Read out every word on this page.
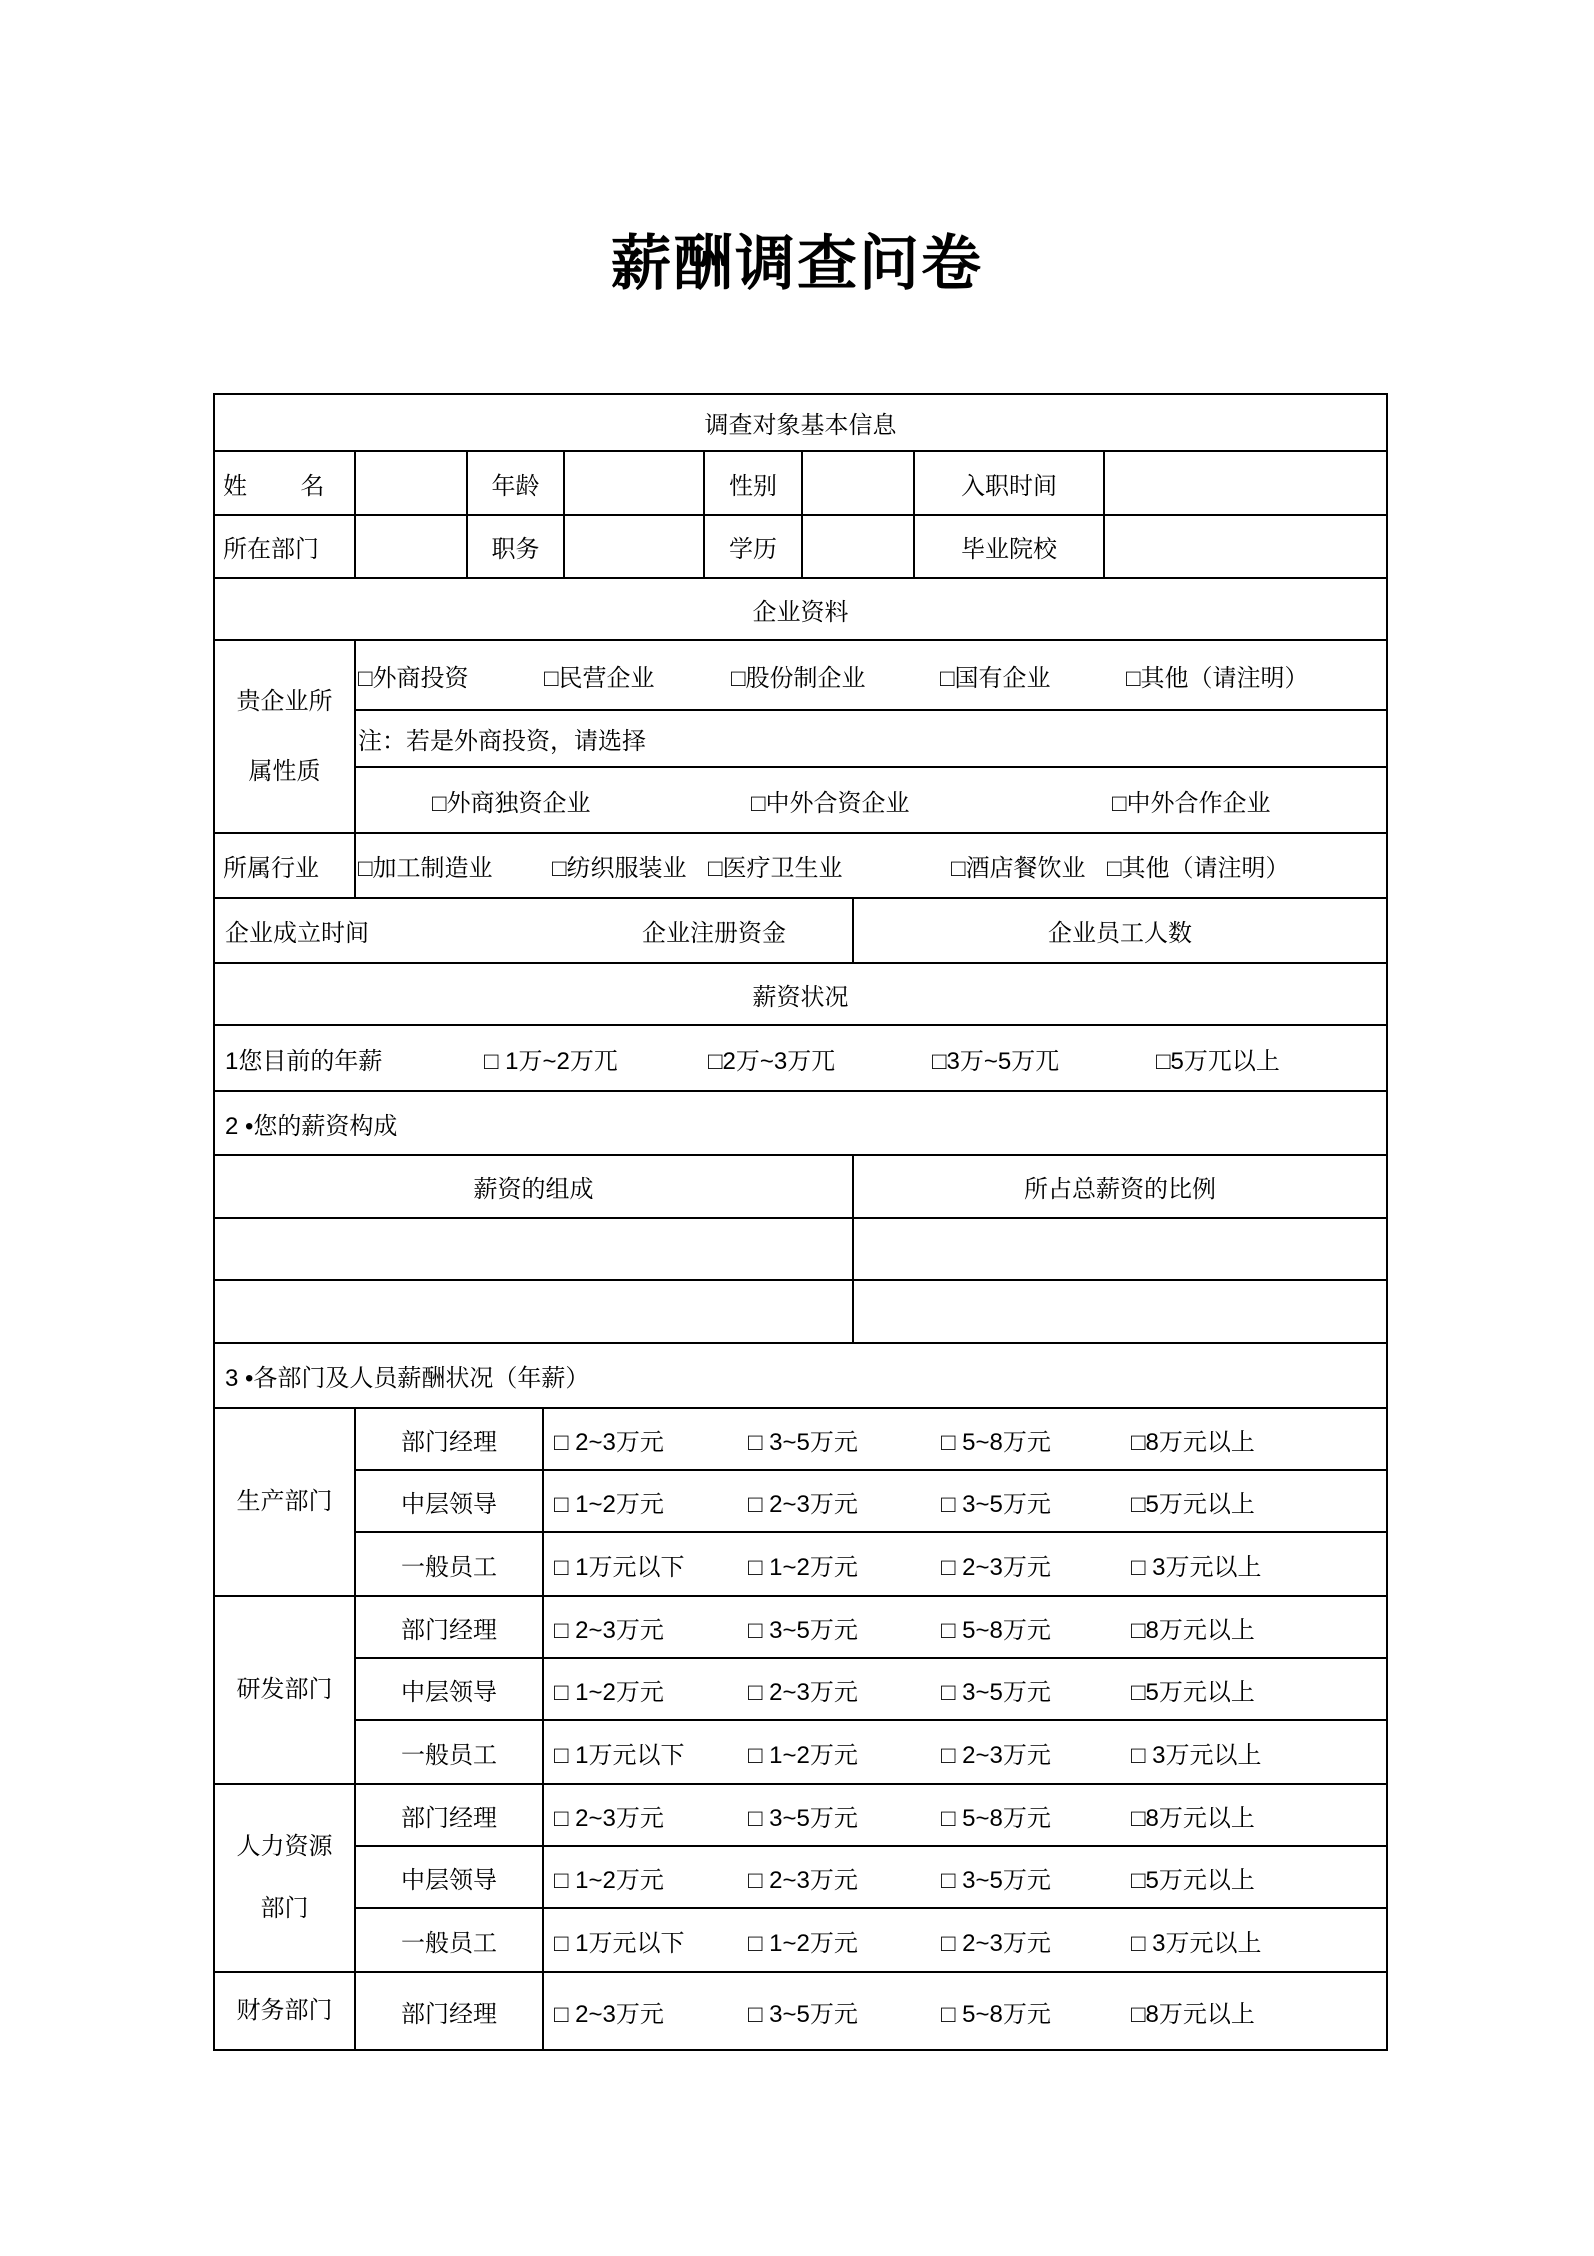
薪酬调查问卷
调查对象基本信息
姓        名	年龄	性别	入职时间
所在部门	职务	学历	毕业院校
企业资料
贵企业所属性质
□外商投资	□民营企业	□股份制企业	□国有企业	□其他（请注明）
注：若是外商投资，请选择
□外商独资企业	□中外合资企业	□中外合作企业
所属行业	□加工制造业	□纺织服装业 □医疗卫生业	□酒店餐饮业 □其他（请注明）
企业成立时间	企业注册资金	企业员工人数
薪资状况
1您目前的年薪	□ 1万~2万兀	□2万~3万兀	□3万~5万兀	□5万兀以上
2 •您的薪资构成
薪资的组成	所占总薪资的比例
3 •各部门及人员薪酬状况（年薪）
生产部门
部门经理	□ 2~3万元	□ 3~5万元	□ 5~8万元	□8万元以上
中层领导	□ 1~2万元	□ 2~3万元	□ 3~5万元	□5万元以上
一般员工	□ 1万元以下	□ 1~2万元	□ 2~3万元	□ 3万元以上
研发部门
部门经理	□ 2~3万元	□ 3~5万元	□ 5~8万元	□8万元以上
中层领导	□ 1~2万元	□ 2~3万元	□ 3~5万元	□5万元以上
一般员工	□ 1万元以下	□ 1~2万元	□ 2~3万元	□ 3万元以上
人力资源部门
部门经理	□ 2~3万元	□ 3~5万元	□ 5~8万元	□8万元以上
中层领导	□ 1~2万元	□ 2~3万元	□ 3~5万元	□5万元以上
一般员工	□ 1万元以下	□ 1~2万元	□ 2~3万元	□ 3万元以上
财务部门	部门经理	□ 2~3万元	□ 3~5万元	□ 5~8万元	□8万元以上
